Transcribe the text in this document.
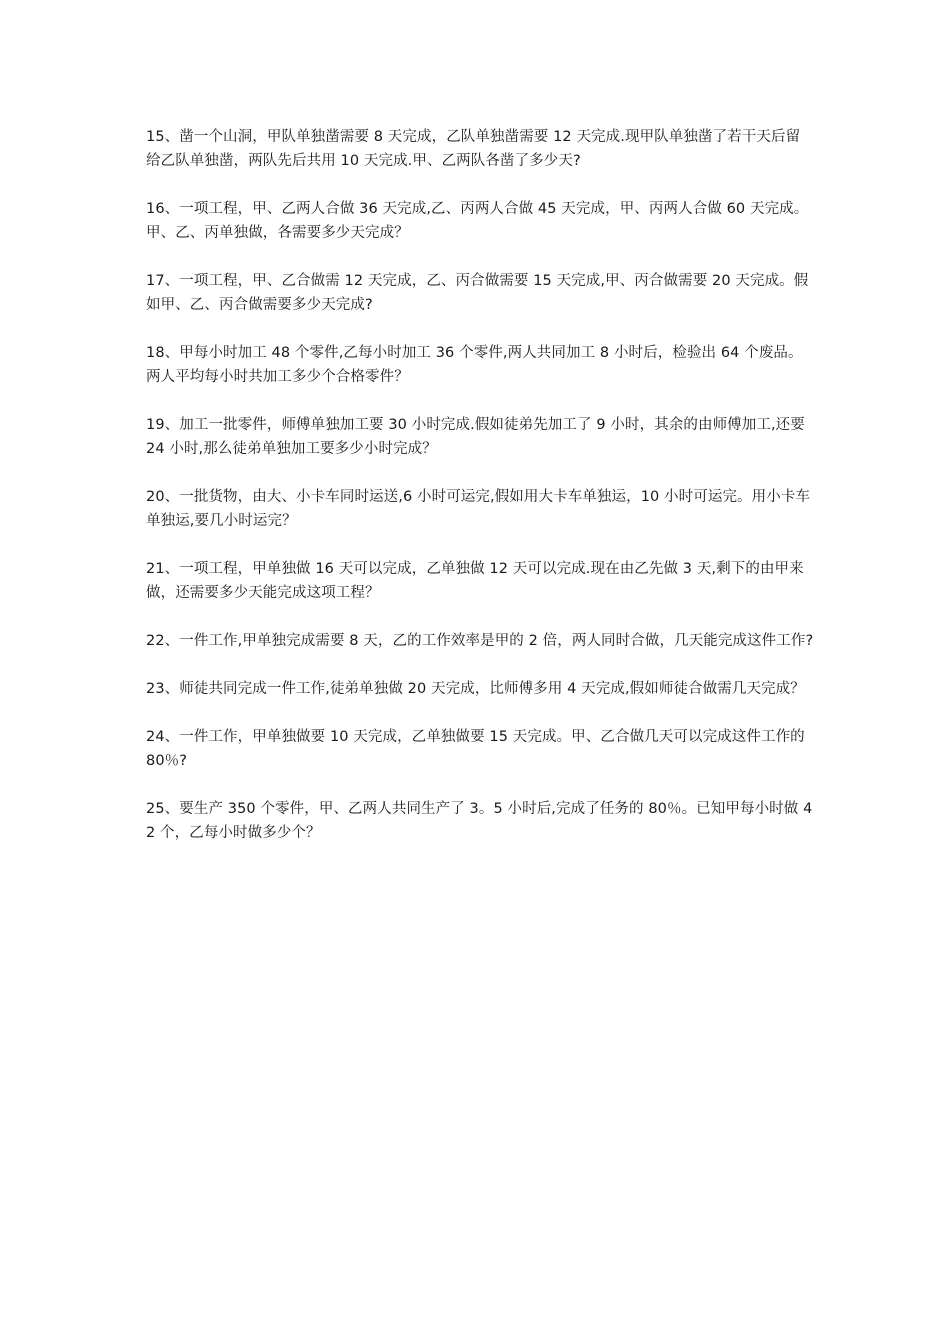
15、凿一个山洞，甲队单独凿需要 8 天完成，乙队单独凿需要 12 天完成.现甲队单独凿了若干天后留给乙队单独凿，两队先后共用 10 天完成.甲、乙两队各凿了多少天?

16、一项工程，甲、乙两人合做 36 天完成,乙、丙两人合做 45 天完成，甲、丙两人合做 60 天完成。甲、乙、丙单独做，各需要多少天完成？

17、一项工程，甲、乙合做需 12 天完成，乙、丙合做需要 15 天完成,甲、丙合做需要 20 天完成。假如甲、乙、丙合做需要多少天完成?

18、甲每小时加工 48 个零件,乙每小时加工 36 个零件,两人共同加工 8 小时后，检验出 64 个废品。两人平均每小时共加工多少个合格零件？

19、加工一批零件，师傅单独加工要 30 小时完成.假如徒弟先加工了 9 小时，其余的由师傅加工,还要 24 小时,那么徒弟单独加工要多少小时完成？

20、一批货物，由大、小卡车同时运送,6 小时可运完,假如用大卡车单独运，10 小时可运完。用小卡车单独运,要几小时运完？

21、一项工程，甲单独做 16 天可以完成，乙单独做 12 天可以完成.现在由乙先做 3 天,剩下的由甲来做，还需要多少天能完成这项工程？

22、一件工作,甲单独完成需要 8 天，乙的工作效率是甲的 2 倍，两人同时合做，几天能完成这件工作?

23、师徒共同完成一件工作,徒弟单独做 20 天完成，比师傅多用 4 天完成,假如师徒合做需几天完成？

24、一件工作，甲单独做要 10 天完成，乙单独做要 15 天完成。甲、乙合做几天可以完成这件工作的 80％?

25、要生产 350 个零件，甲、乙两人共同生产了 3。5 小时后,完成了任务的 80％。已知甲每小时做 42 个，乙每小时做多少个？
